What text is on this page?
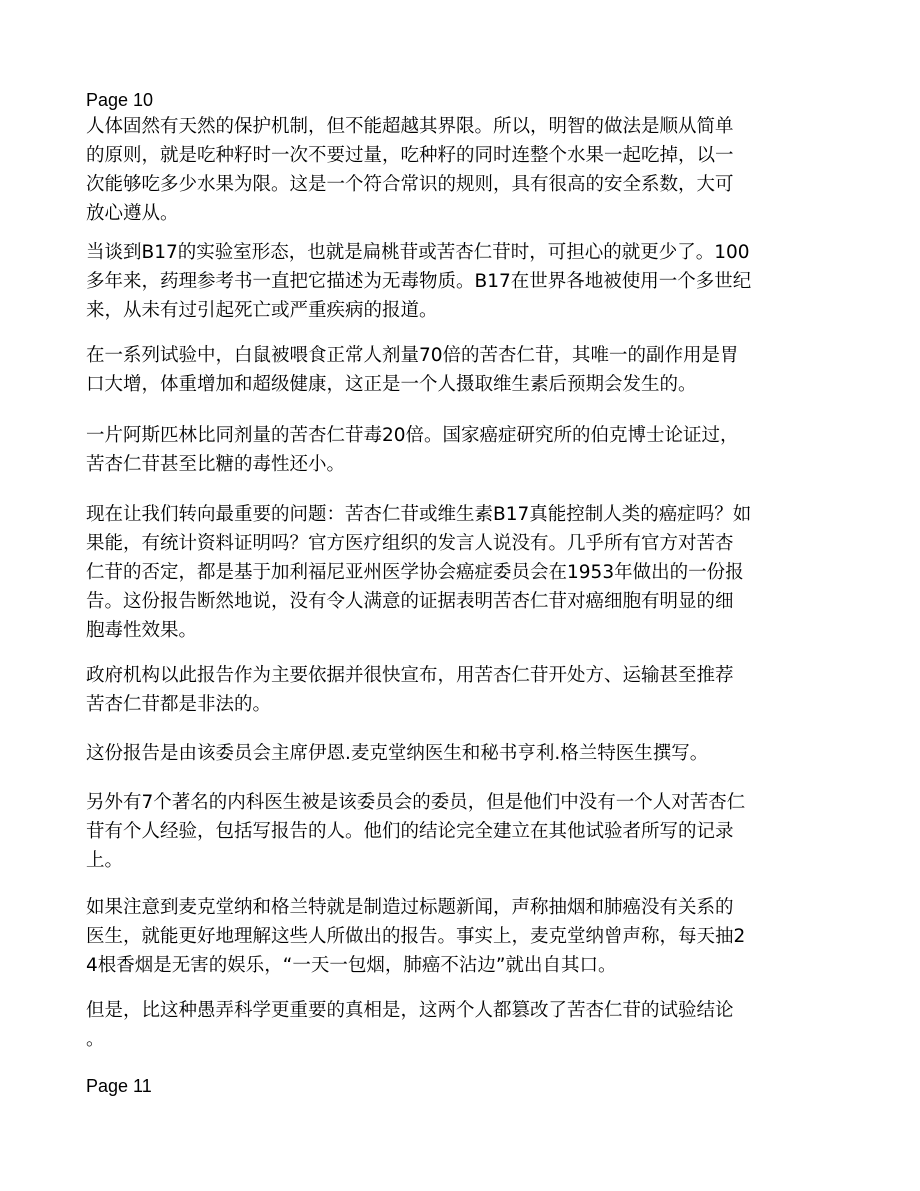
Page 10

人体固然有天然的保护机制，但不能超越其界限。所以，明智的做法是顺从简单
的原则，就是吃种籽时一次不要过量，吃种籽的同时连整个水果一起吃掉，以一
次能够吃多少水果为限。这是一个符合常识的规则，具有很高的安全系数，大可
放心遵从。

当谈到B17的实验室形态，也就是扁桃苷或苦杏仁苷时，可担心的就更少了。100
多年来，药理参考书一直把它描述为无毒物质。B17在世界各地被使用一个多世纪
来，从未有过引起死亡或严重疾病的报道。

在一系列试验中，白鼠被喂食正常人剂量70倍的苦杏仁苷，其唯一的副作用是胃
口大增，体重增加和超级健康，这正是一个人摄取维生素后预期会发生的。

一片阿斯匹林比同剂量的苦杏仁苷毒20倍。国家癌症研究所的伯克博士论证过，
苦杏仁苷甚至比糖的毒性还小。

现在让我们转向最重要的问题：苦杏仁苷或维生素B17真能控制人类的癌症吗？如
果能，有统计资料证明吗？官方医疗组织的发言人说没有。几乎所有官方对苦杏
仁苷的否定，都是基于加利福尼亚州医学协会癌症委员会在1953年做出的一份报
告。这份报告断然地说，没有令人满意的证据表明苦杏仁苷对癌细胞有明显的细
胞毒性效果。

政府机构以此报告作为主要依据并很快宣布，用苦杏仁苷开处方、运输甚至推荐
苦杏仁苷都是非法的。

这份报告是由该委员会主席伊恩.麦克堂纳医生和秘书亨利.格兰特医生撰写。

另外有7个著名的内科医生被是该委员会的委员，但是他们中没有一个人对苦杏仁
苷有个人经验，包括写报告的人。他们的结论完全建立在其他试验者所写的记录
上。

如果注意到麦克堂纳和格兰特就是制造过标题新闻，声称抽烟和肺癌没有关系的
医生，就能更好地理解这些人所做出的报告。事实上，麦克堂纳曾声称，每天抽2
4根香烟是无害的娱乐，“一天一包烟，肺癌不沾边”就出自其口。

但是，比这种愚弄科学更重要的真相是，这两个人都篡改了苦杏仁苷的试验结论
。

Page 11
